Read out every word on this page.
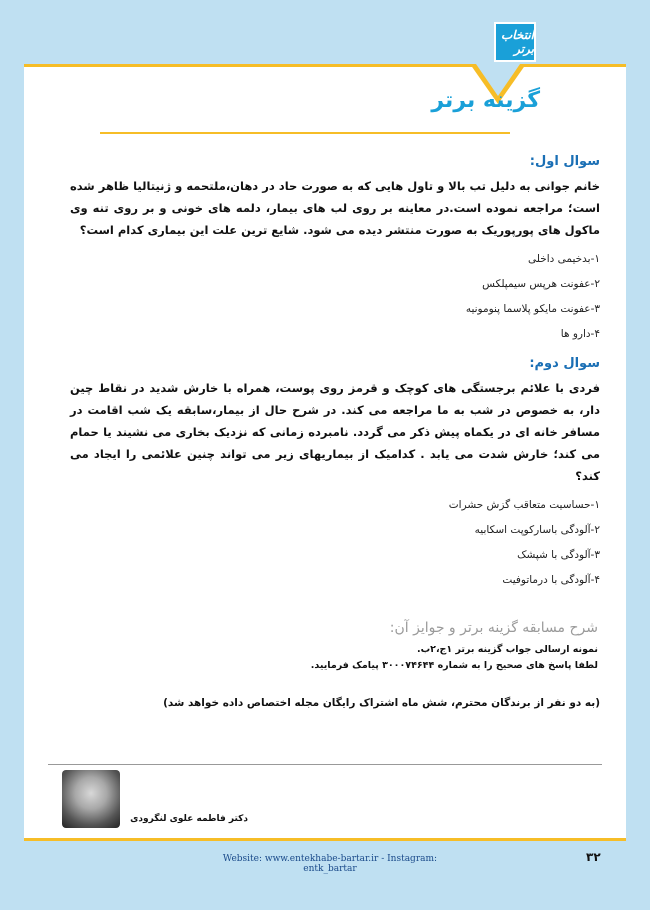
انتخاب برتر
گزینه برتر

سوال اول:

خانم جوانی به دلیل تب بالا و تاول هایی که به صورت حاد در دهان،ملتحمه و ژنیتالیا ظاهر شده است؛ مراجعه نموده است.در معاینه بر روی لب های بیمار، دلمه های خونی و بر روی تنه وی ماکول های پورپوریک به صورت منتشر دیده می شود. شایع ترین علت این بیماری کدام است؟

۱-بدخیمی داخلی

۲-عفونت هرپس سیمپلکس

۳-عفونت مایکو پلاسما پنومونیه

۴-دارو ها

سوال دوم:

فردی با علائم برجستگی های کوچک و قرمز روی پوست، همراه با خارش شدید در نقاط چین دار، به خصوص در شب به ما مراجعه می کند. در شرح حال از بیمار،سابقه یک شب اقامت در مسافر خانه ای در یکماه پیش ذکر می گردد. نامبرده زمانی که نزدیک بخاری می نشیند یا حمام می کند؛ خارش شدت می یابد . کدامیک از بیماریهای زیر می تواند چنین علائمی را ایجاد می کند؟

۱-حساسیت متعاقب گزش حشرات

۲-آلودگی باسارکوپت اسکابیه

۳-آلودگی با شپشک

۴-آلودگی با درماتوفیت

شرح مسابقه گزینه برتر و جوایز آن:
نمونه ارسالی جواب گزینه برتر ۱ج،۲ب.
لطفا پاسخ های صحیح را به شماره ۳۰۰۰۷۴۶۴۴ پیامک فرمایید.
(به دو نفر از برندگان محترم، شش ماه اشتراک رایگان مجله اختصاص داده خواهد شد)
دکتر فاطمه علوی لنگرودی
Website: www.entekhabe-bartar.ir - Instagram: entk_bartar
۳۲
